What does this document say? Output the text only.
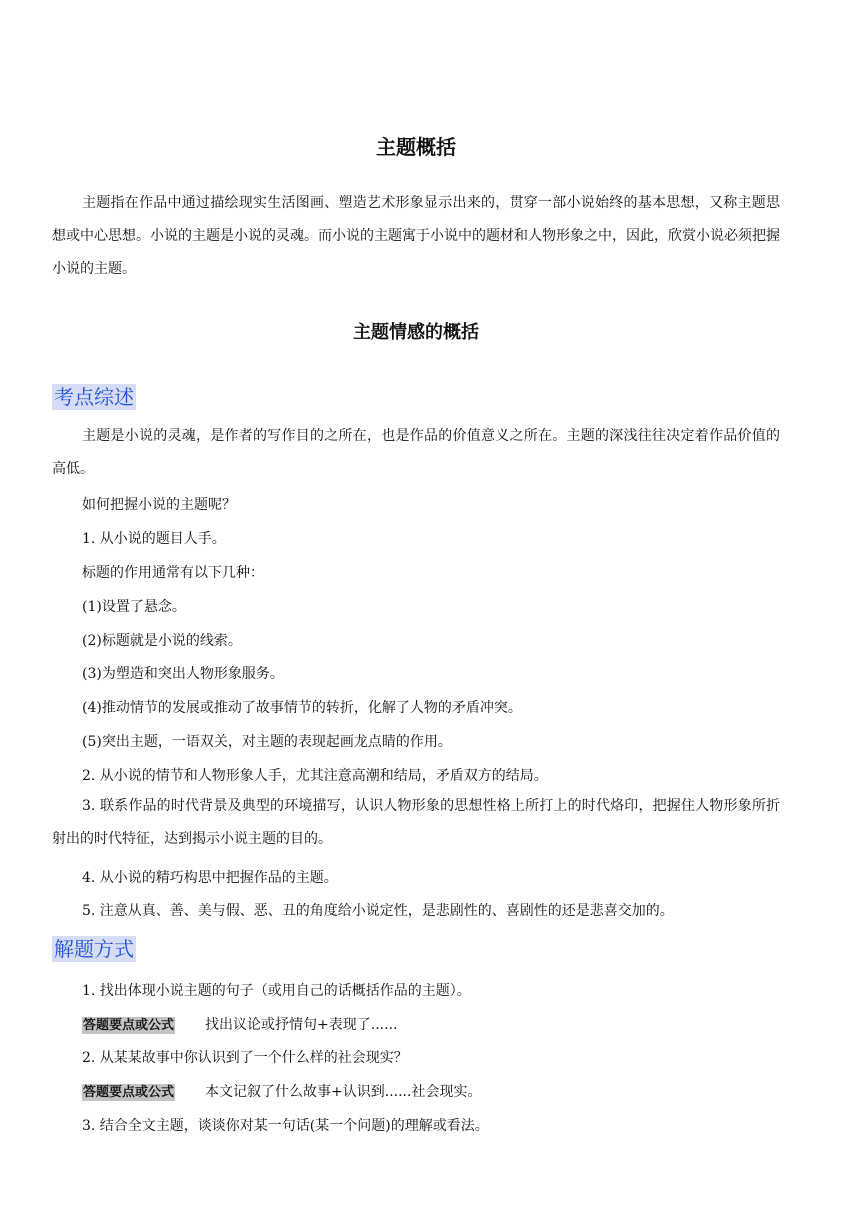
主题概括

主题指在作品中通过描绘现实生活图画、塑造艺术形象显示出来的，贯穿一部小说始终的基本思想，又称主题思想或中心思想。小说的主题是小说的灵魂。而小说的主题寓于小说中的题材和人物形象之中，因此，欣赏小说必须把握小说的主题。

主题情感的概括
考点综述

主题是小说的灵魂，是作者的写作目的之所在，也是作品的价值意义之所在。主题的深浅往往决定着作品价值的高低。

如何把握小说的主题呢？
1. 从小说的题目人手。
标题的作用通常有以下几种：
(1)设置了悬念。
(2)标题就是小说的线索。
(3)为塑造和突出人物形象服务。
(4)推动情节的发展或推动了故事情节的转折，化解了人物的矛盾冲突。
(5)突出主题，一语双关，对主题的表现起画龙点睛的作用。
2. 从小说的情节和人物形象人手，尤其注意高潮和结局，矛盾双方的结局。

3. 联系作品的时代背景及典型的环境描写，认识人物形象的思想性格上所打上的时代烙印，把握住人物形象所折射出的时代特征，达到揭示小说主题的目的。

4. 从小说的精巧构思中把握作品的主题。
5. 注意从真、善、美与假、恶、丑的角度给小说定性，是悲剧性的、喜剧性的还是悲喜交加的。
解题方式
1. 找出体现小说主题的句子（或用自己的话概括作品的主题）。
答题要点或公式 找出议论或抒情句+表现了......
2. 从某某故事中你认识到了一个什么样的社会现实？
答题要点或公式 本文记叙了什么故事+认识到......社会现实。
3. 结合全文主题，谈谈你对某一句话(某一个问题)的理解或看法。
